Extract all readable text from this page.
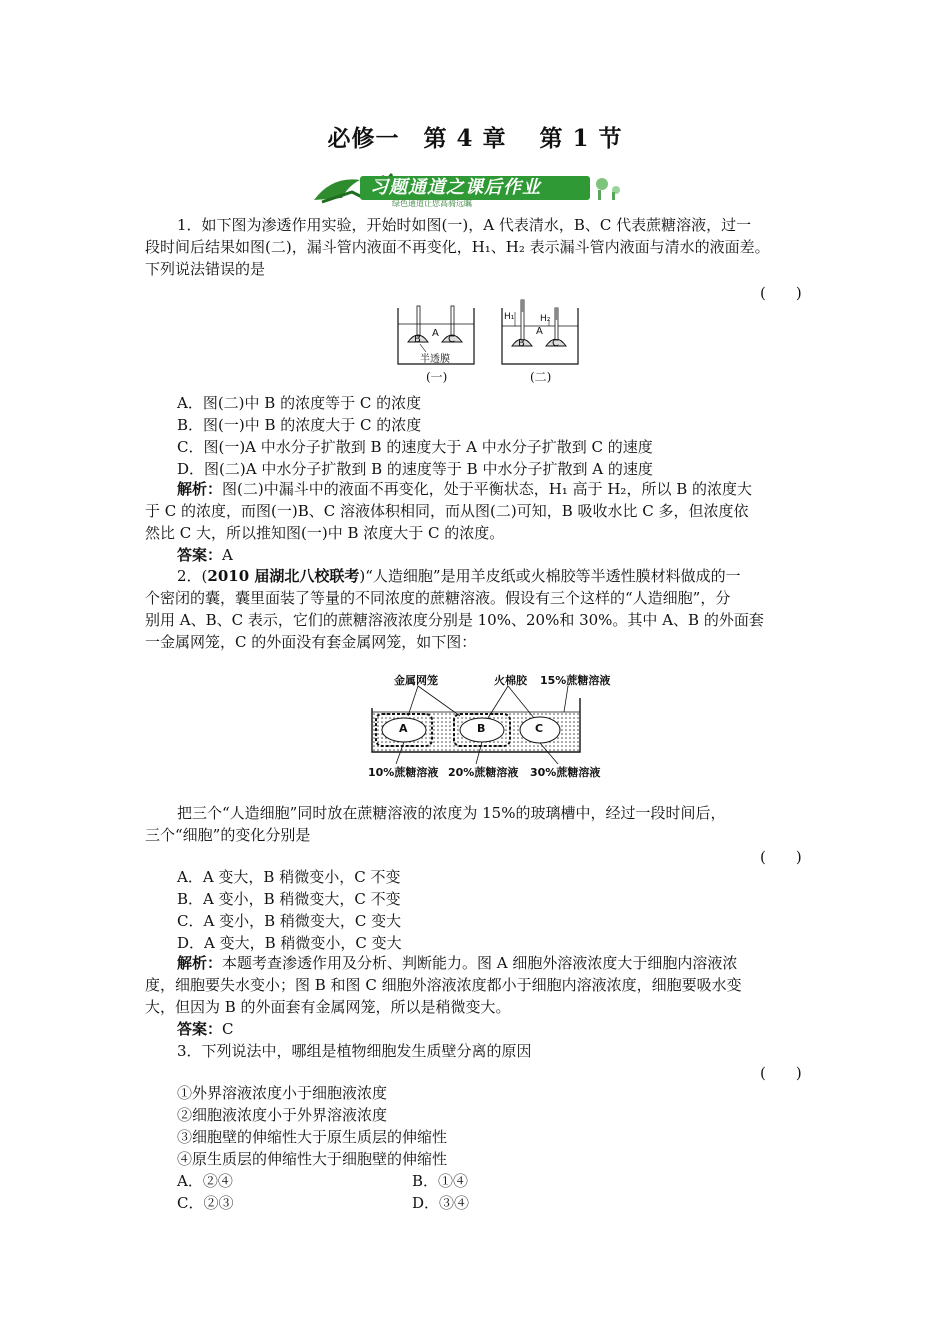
必修一　第 4 章　 第 1 节
习题通道之课后作业
绿色通道让您高骑远瞩
1．如下图为渗透作用实验，开始时如图(一)，A 代表清水，B、C 代表蔗糖溶液，过一
段时间后结果如图(二)，漏斗管内液面不再变化，H₁、H₂ 表示漏斗管内液面与清水的液面差。
下列说法错误的是
(　　)
A
B	C
半透膜
A
H₁	H₂
B	C
(一)	(二)
A．图(二)中 B 的浓度等于 C 的浓度
B．图(一)中 B 的浓度大于 C 的浓度
C．图(一)A 中水分子扩散到 B 的速度大于 A 中水分子扩散到 C 的速度
D．图(二)A 中水分子扩散到 B 的速度等于 B 中水分子扩散到 A 的速度
解析：图(二)中漏斗中的液面不再变化，处于平衡状态，H₁ 高于 H₂，所以 B 的浓度大
于 C 的浓度，而图(一)B、C 溶液体积相同，而从图(二)可知，B 吸收水比 C 多，但浓度依
然比 C 大，所以推知图(一)中 B 浓度大于 C 的浓度。
答案：A
2．(2010 届湖北八校联考)“人造细胞”是用羊皮纸或火棉胶等半透性膜材料做成的一
个密闭的囊，囊里面装了等量的不同浓度的蔗糖溶液。假设有三个这样的“人造细胞”，分
别用 A、B、C 表示，它们的蔗糖溶液浓度分别是 10%、20%和 30%。其中 A、B 的外面套
一金属网笼，C 的外面没有套金属网笼，如下图：
金属网笼	火棉胶 15%蔗糖溶液
A	B	C
10%蔗糖溶液 20%蔗糖溶液 30%蔗糖溶液
把三个“人造细胞”同时放在蔗糖溶液的浓度为 15%的玻璃槽中，经过一段时间后，
三个“细胞”的变化分别是
(　　)
A．A 变大，B 稍微变小，C 不变
B．A 变小，B 稍微变大，C 不变
C．A 变小，B 稍微变大，C 变大
D．A 变大，B 稍微变小，C 变大
解析：本题考查渗透作用及分析、判断能力。图 A 细胞外溶液浓度大于细胞内溶液浓
度，细胞要失水变小；图 B 和图 C 细胞外溶液浓度都小于细胞内溶液浓度，细胞要吸水变
大，但因为 B 的外面套有金属网笼，所以是稍微变大。
答案：C
3．下列说法中，哪组是植物细胞发生质壁分离的原因
(　　)
①外界溶液浓度小于细胞液浓度
②细胞液浓度小于外界溶液浓度
③细胞壁的伸缩性大于原生质层的伸缩性
④原生质层的伸缩性大于细胞壁的伸缩性
A．②④	B．①④
C．②③	D．③④
